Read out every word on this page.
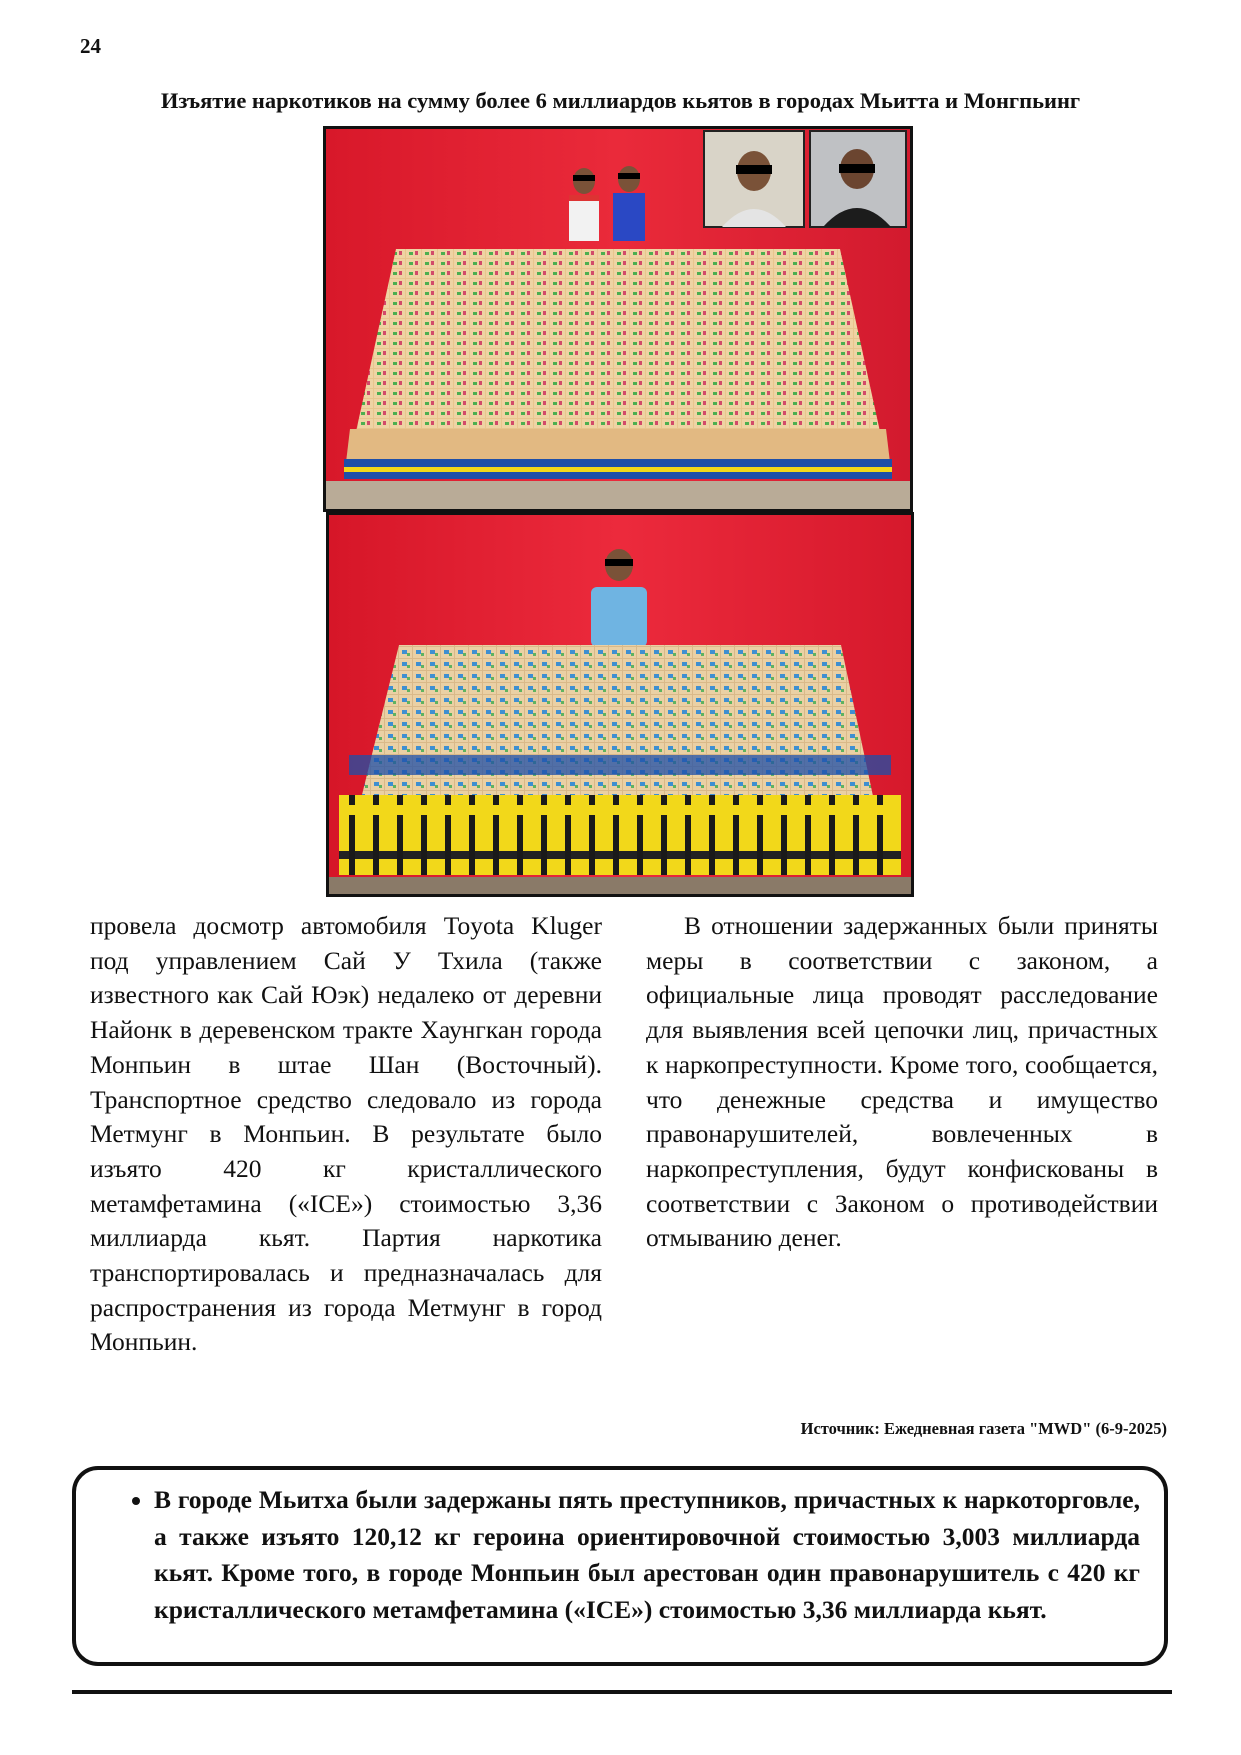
24
Изъятие наркотиков на сумму более 6 миллиардов кьятов в городах Мьитта и Монгпьинг

провела досмотр автомобиля Toyota Kluger под управлением Сай У Тхила (также известного как Сай Юэк) недалеко от деревни Найонк в деревенском тракте Хаунгкан города Монпьин в штае Шан (Восточный). Транспортное средство следовало из города Метмунг в Монпьин. В результате было изъято 420 кг кристаллического метамфетамина («ICE») стоимостью 3,36 миллиарда кьят. Партия наркотика транспортировалась и предназначалась для распространения из города Метмунг в город Монпьин.

В отношении задержанных были приняты меры в соответствии с законом, а официальные лица проводят расследование для выявления всей цепочки лиц, причастных к наркопреступности. Кроме того, сообщается, что денежные средства и имущество правонарушителей, вовлеченных в наркопреступления, будут конфискованы в соответствии с Законом о противодействии отмыванию денег.

Источник: Ежедневная газета "MWD" (6-9-2025)
• В городе Мьитха были задержаны пять преступников, причастных к наркоторговле, а также изъято 120,12 кг героина ориентировочной стоимостью 3,003 миллиарда кьят. Кроме того, в городе Монпьин был арестован один правонарушитель с 420 кг кристаллического метамфетамина («ICE») стоимостью 3,36 миллиарда кьят.
